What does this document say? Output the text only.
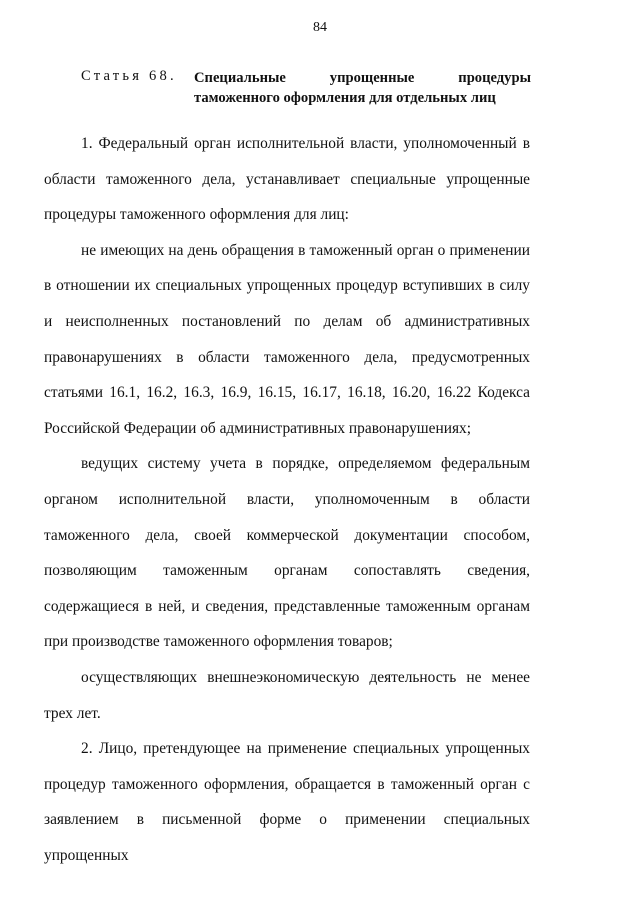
84
Статья 68. Специальные упрощенные процедуры
таможенного оформления для отдельных лиц

1. Федеральный орган исполнительной власти, уполномоченный в области таможенного дела, устанавливает специальные упрощенные процедуры таможенного оформления для лиц:

не имеющих на день обращения в таможенный орган о применении в отношении их специальных упрощенных процедур вступивших в силу и неисполненных постановлений по делам об административных правонарушениях в области таможенного дела, предусмотренных статьями 16.1, 16.2, 16.3, 16.9, 16.15, 16.17, 16.18, 16.20, 16.22 Кодекса Российской Федерации об административных правонарушениях;

ведущих систему учета в порядке, определяемом федеральным органом исполнительной власти, уполномоченным в области таможенного дела, своей коммерческой документации способом, позволяющим таможенным органам сопоставлять сведения, содержащиеся в ней, и сведения, представленные таможенным органам при производстве таможенного оформления товаров;

осуществляющих внешнеэкономическую деятельность не менее трех лет.

2. Лицо, претендующее на применение специальных упрощенных процедур таможенного оформления, обращается в таможенный орган с заявлением в письменной форме о применении специальных упрощенных
